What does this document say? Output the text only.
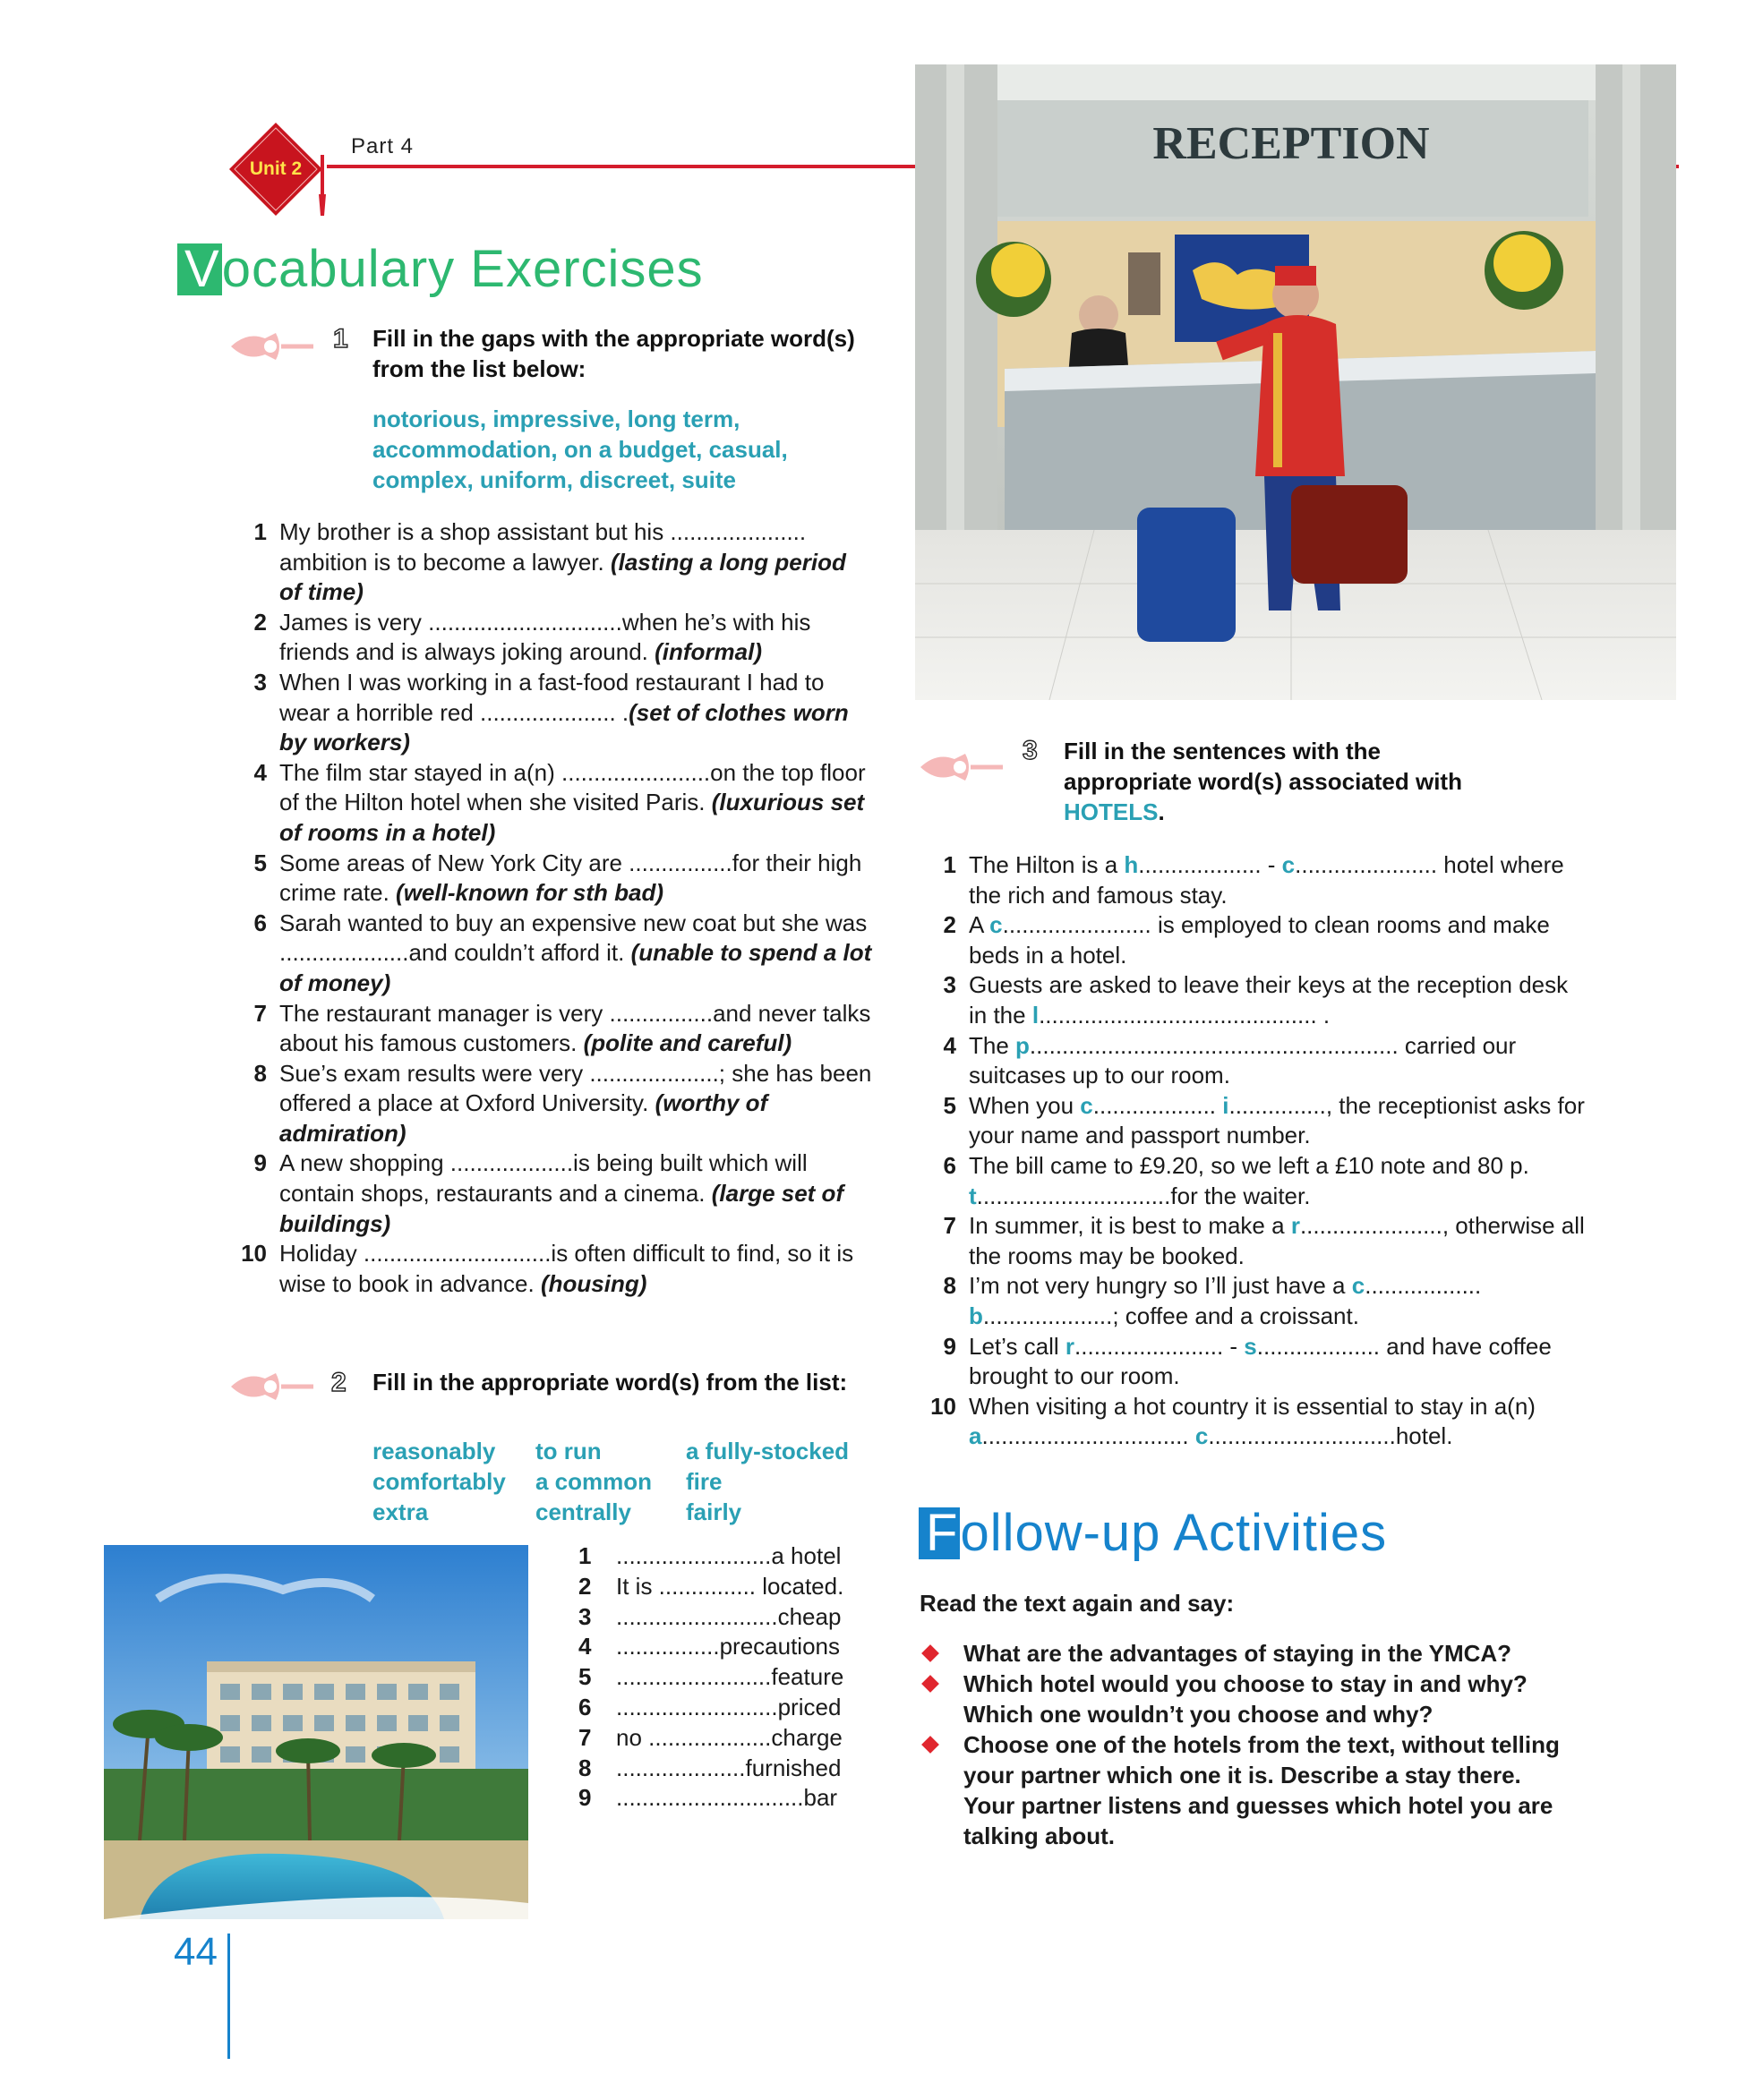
Unit 2
Part 4
Vocabulary Exercises
1 Fill in the gaps with the appropriate word(s) from the list below:
notorious, impressive, long term, accommodation, on a budget, casual, complex, uniform, discreet, suite
1 My brother is a shop assistant but his ..................... ambition is to become a lawyer. (lasting a long period of time)
2 James is very ..............................when he’s with his friends and is always joking around. (informal)
3 When I was working in a fast-food restaurant I had to wear a horrible red ..................... .(set of clothes worn by workers)
4 The film star stayed in a(n) .......................on the top floor of the Hilton hotel when she visited Paris. (luxurious set of rooms in a hotel)
5 Some areas of New York City are ................for their high crime rate. (well-known for sth bad)
6 Sarah wanted to buy an expensive new coat but she was ....................and couldn’t afford it. (unable to spend a lot of money)
7 The restaurant manager is very ................and never talks about his famous customers. (polite and careful)
8 Sue’s exam results were very ....................; she has been offered a place at Oxford University. (worthy of admiration)
9 A new shopping ...................is being built which will contain shops, restaurants and a cinema. (large set of buildings)
10 Holiday .............................is often difficult to find, so it is wise to book in advance. (housing)
2 Fill in the appropriate word(s) from the list:
reasonably	to run	a fully-stocked
comfortably	a common	fire
extra	centrally	fairly
1 ........................a hotel
2 It is ............... located.
3 .........................cheap
4 ................precautions
5 ........................feature
6 .........................priced
7 no ...................charge
8 ....................furnished
9 .............................bar
RECEPTION
3 Fill in the sentences with the appropriate word(s) associated with HOTELS.
1 The Hilton is a h................... - c...................... hotel where the rich and famous stay.
2 A c....................... is employed to clean rooms and make beds in a hotel.
3 Guests are asked to leave their keys at the reception desk in the l........................................... .
4 The p......................................................... carried our suitcases up to our room.
5 When you c................... i..............., the receptionist asks for your name and passport number.
6 The bill came to £9.20, so we left a £10 note and 80 p. t..............................for the waiter.
7 In summer, it is best to make a r......................, otherwise all the rooms may be booked.
8 I’m not very hungry so I’ll just have a c.................. b....................; coffee and a croissant.
9 Let’s call r....................... - s................... and have coffee brought to our room.
10 When visiting a hot country it is essential to stay in a(n) a................................ c.............................hotel.
Follow-up Activities
Read the text again and say:
What are the advantages of staying in the YMCA?
Which hotel would you choose to stay in and why? Which one wouldn’t you choose and why?
Choose one of the hotels from the text, without telling your partner which one it is. Describe a stay there. Your partner listens and guesses which hotel you are talking about.
44
